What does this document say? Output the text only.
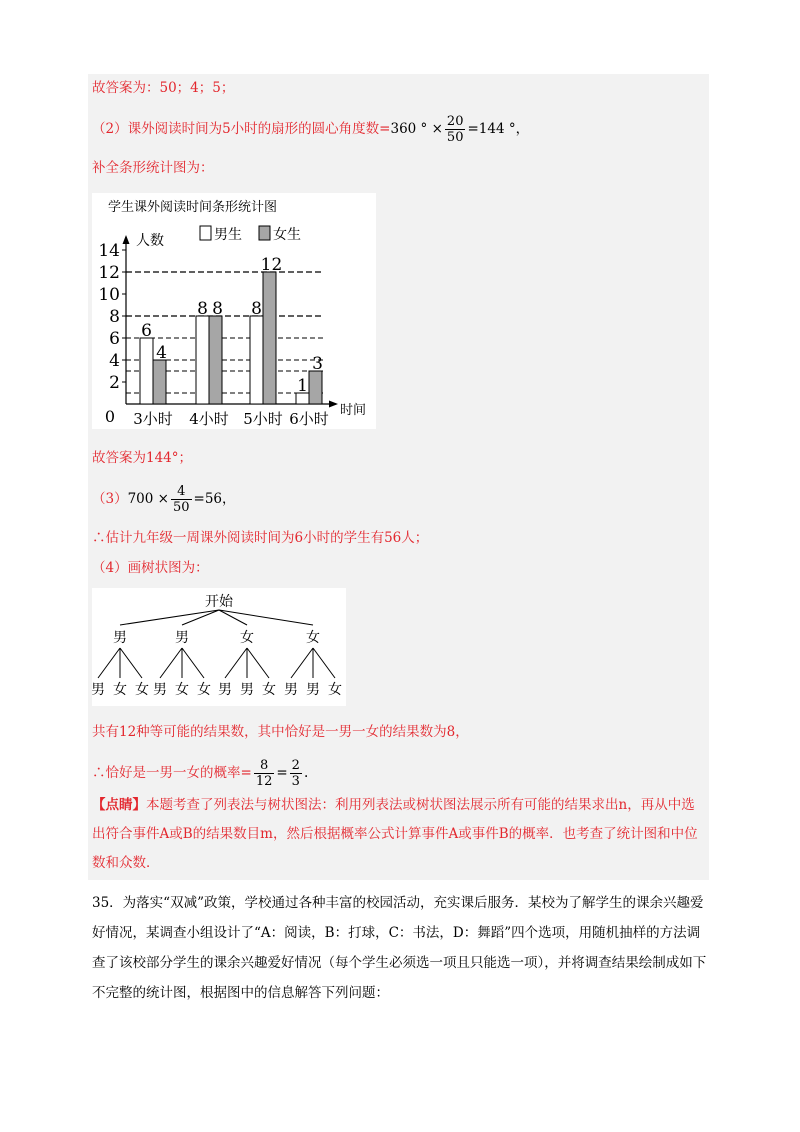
故答案为：50；4；5；
（2）课外阅读时间为5小时的扇形的圆心角度数=360 ° × $\frac{20}{50} =144$ °，
补全条形统计图为：
学生课外阅读时间条形统计图
人数
时间
0
2
4
6
8
10
12
14
6
4
3小时
8 8
4小时
8
12
5小时
1
3
6小时
男生 女生
故答案为144°；
$(3)700 \times \frac{4}{50} =56$，
∴估计九年级一周课外阅读时间为6小时的学生有56人；
（4）画树状图为：
开始
男
男 女 女
男
男 女 女
女
男 男 女
女
男 男 女
共有12种等可能的结果数，其中恰好是一男一女的结果数为8，
∴恰好是一男一女的概率= $\frac{8}{12} = \frac{2}{3}$ .
【点睛】本题考查了列表法与树状图法：利用列表法或树状图法展示所有可能的结果求出n，再从中选出符合事件A或B的结果数目m，然后根据概率公式计算事件A或事件B的概率．也考查了统计图和中位数和众数．
35．为落实“双减”政策，学校通过各种丰富的校园活动，充实课后服务．某校为了解学生的课余兴趣爱好情况，某调查小组设计了“A：阅读，B：打球，C：书法，D：舞蹈”四个选项，用随机抽样的方法调查了该校部分学生的课余兴趣爱好情况（每个学生必须选一项且只能选一项），并将调查结果绘制成如下不完整的统计图，根据图中的信息解答下列问题：
